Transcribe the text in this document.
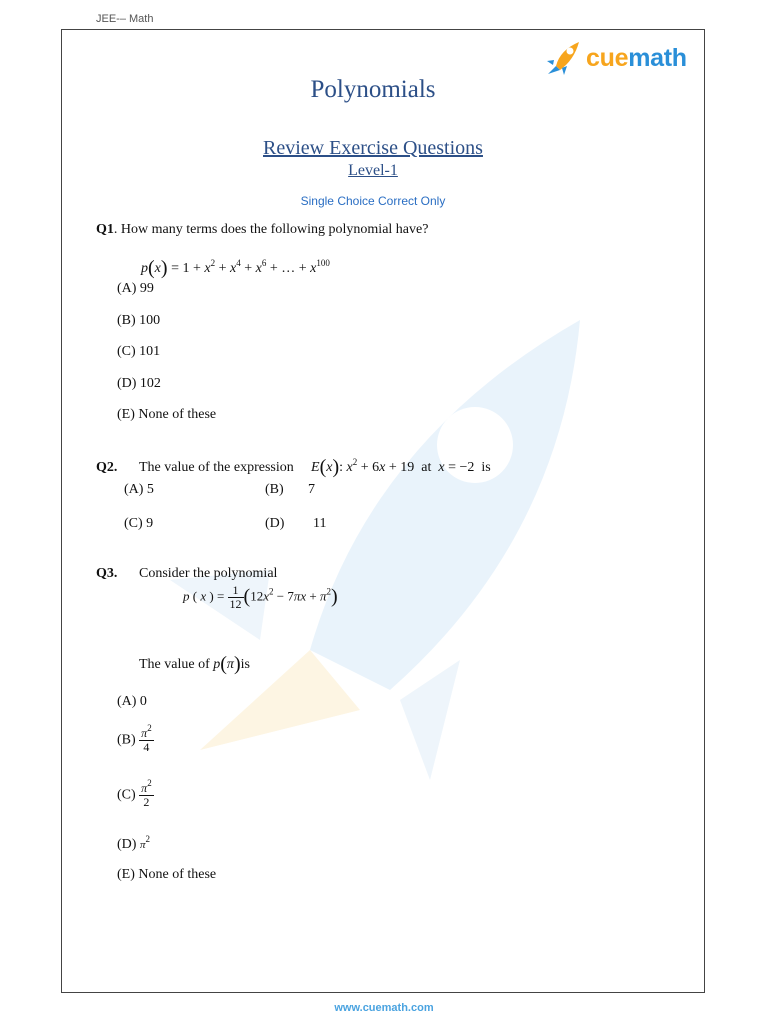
JEE-– Math
cuemath
Polynomials
Review Exercise Questions
Level-1
Single Choice Correct Only
Q1. How many terms does the following polynomial have?
$p(x) = 1 + x^2 + x^4 + x^6$ + … + $x^{100}$
(A) 99
(B) 100
(C) 101
(D) 102
(E) None of these
Q2. The value of the expression E(x): $x^2 + 6x + 19$  at  x = −2  is
(A) 5	(B) 7
(C) 9	(D) 11
Q3. Consider the polynomial
p ( x ) = $\frac{1}{12} (12x^2 - 7\pi x + \pi^2)$
The value of p(π)is
(A) 0
$(B) \frac{\pi^2}{4}$
$(C) \frac{\pi^2}{2}$
(D) $\pi^2$
(E) None of these
www.cuemath.com
